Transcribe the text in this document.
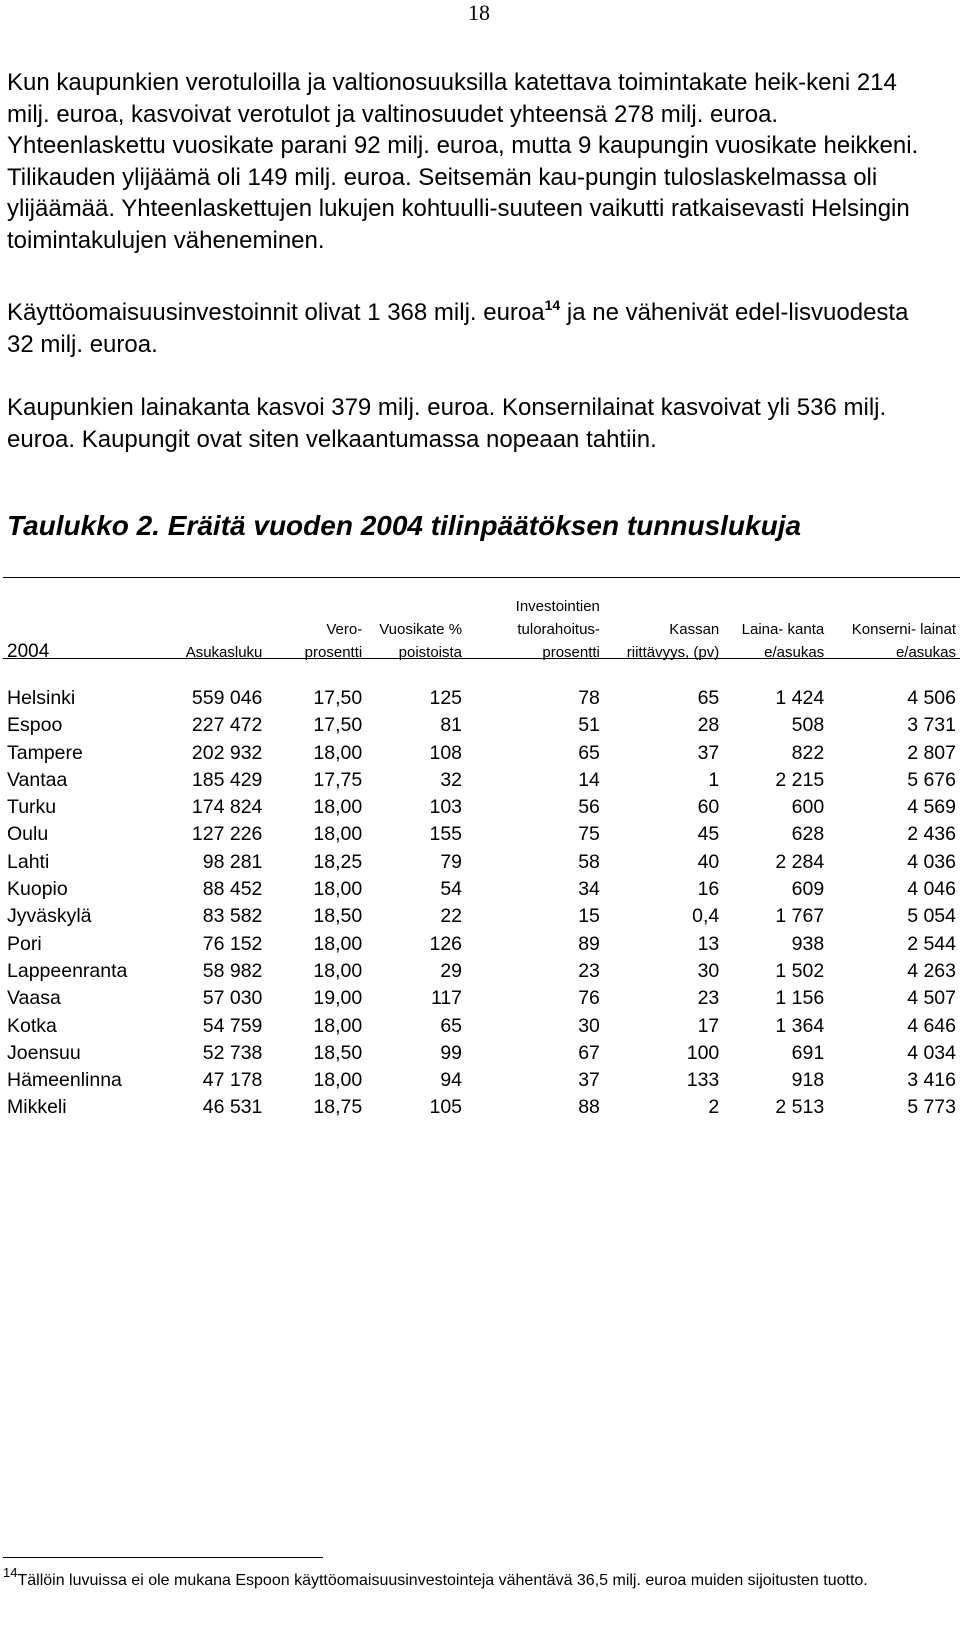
18

Kun kaupunkien verotuloilla ja valtionosuuksilla katettava toimintakate heik-keni 214 milj. euroa, kasvoivat verotulot ja valtinosuudet yhteensä 278 milj. euroa. Yhteenlaskettu vuosikate parani 92 milj. euroa, mutta 9 kaupungin vuosikate heikkeni. Tilikauden ylijäämä oli 149 milj. euroa. Seitsemän kau-pungin tuloslaskelmassa oli ylijäämää. Yhteenlaskettujen lukujen kohtuulli-suuteen vaikutti ratkaisevasti Helsingin toimintakulujen väheneminen.

Käyttöomaisuusinvestoinnit olivat 1 368 milj. euroa$^{14}$ ja ne vähenivät edel-lisvuodesta 32 milj. euroa.

Kaupunkien lainakanta kasvoi 379 milj. euroa. Konsernilainat kasvoivat yli 536 milj. euroa. Kaupungit ovat siten velkaantumassa nopeaan tahtiin.

Taulukko 2. Eräitä vuoden 2004 tilinpäätöksen tunnuslukuja

2004	Asukasluku	Vero- prosentti	Vuosikate % poistoista	Investointien tulorahoitus- prosentti	Kassan riittävyys, (pv)	Laina- kanta e/asukas	Konserni- lainat e/asukas

Helsinki	559 046	17,50	125	78	65	1 424	4 506
Espoo	227 472	17,50	81	51	28	508	3 731
Tampere	202 932	18,00	108	65	37	822	2 807
Vantaa	185 429	17,75	32	14	1	2 215	5 676
Turku	174 824	18,00	103	56	60	600	4 569
Oulu	127 226	18,00	155	75	45	628	2 436
Lahti	98 281	18,25	79	58	40	2 284	4 036
Kuopio	88 452	18,00	54	34	16	609	4 046
Jyväskylä	83 582	18,50	22	15	0,4	1 767	5 054
Pori	76 152	18,00	126	89	13	938	2 544
Lappeenranta	58 982	18,00	29	23	30	1 502	4 263
Vaasa	57 030	19,00	117	76	23	1 156	4 507
Kotka	54 759	18,00	65	30	17	1 364	4 646
Joensuu	52 738	18,50	99	67	100	691	4 034
Hämeenlinna	47 178	18,00	94	37	133	918	3 416
Mikkeli	46 531	18,75	105	88	2	2 513	5 773

$^{14}$Tällöin luvuissa ei ole mukana Espoon käyttöomaisuusinvestointeja vähentävä 36,5 milj. euroa muiden sijoitusten tuotto.
